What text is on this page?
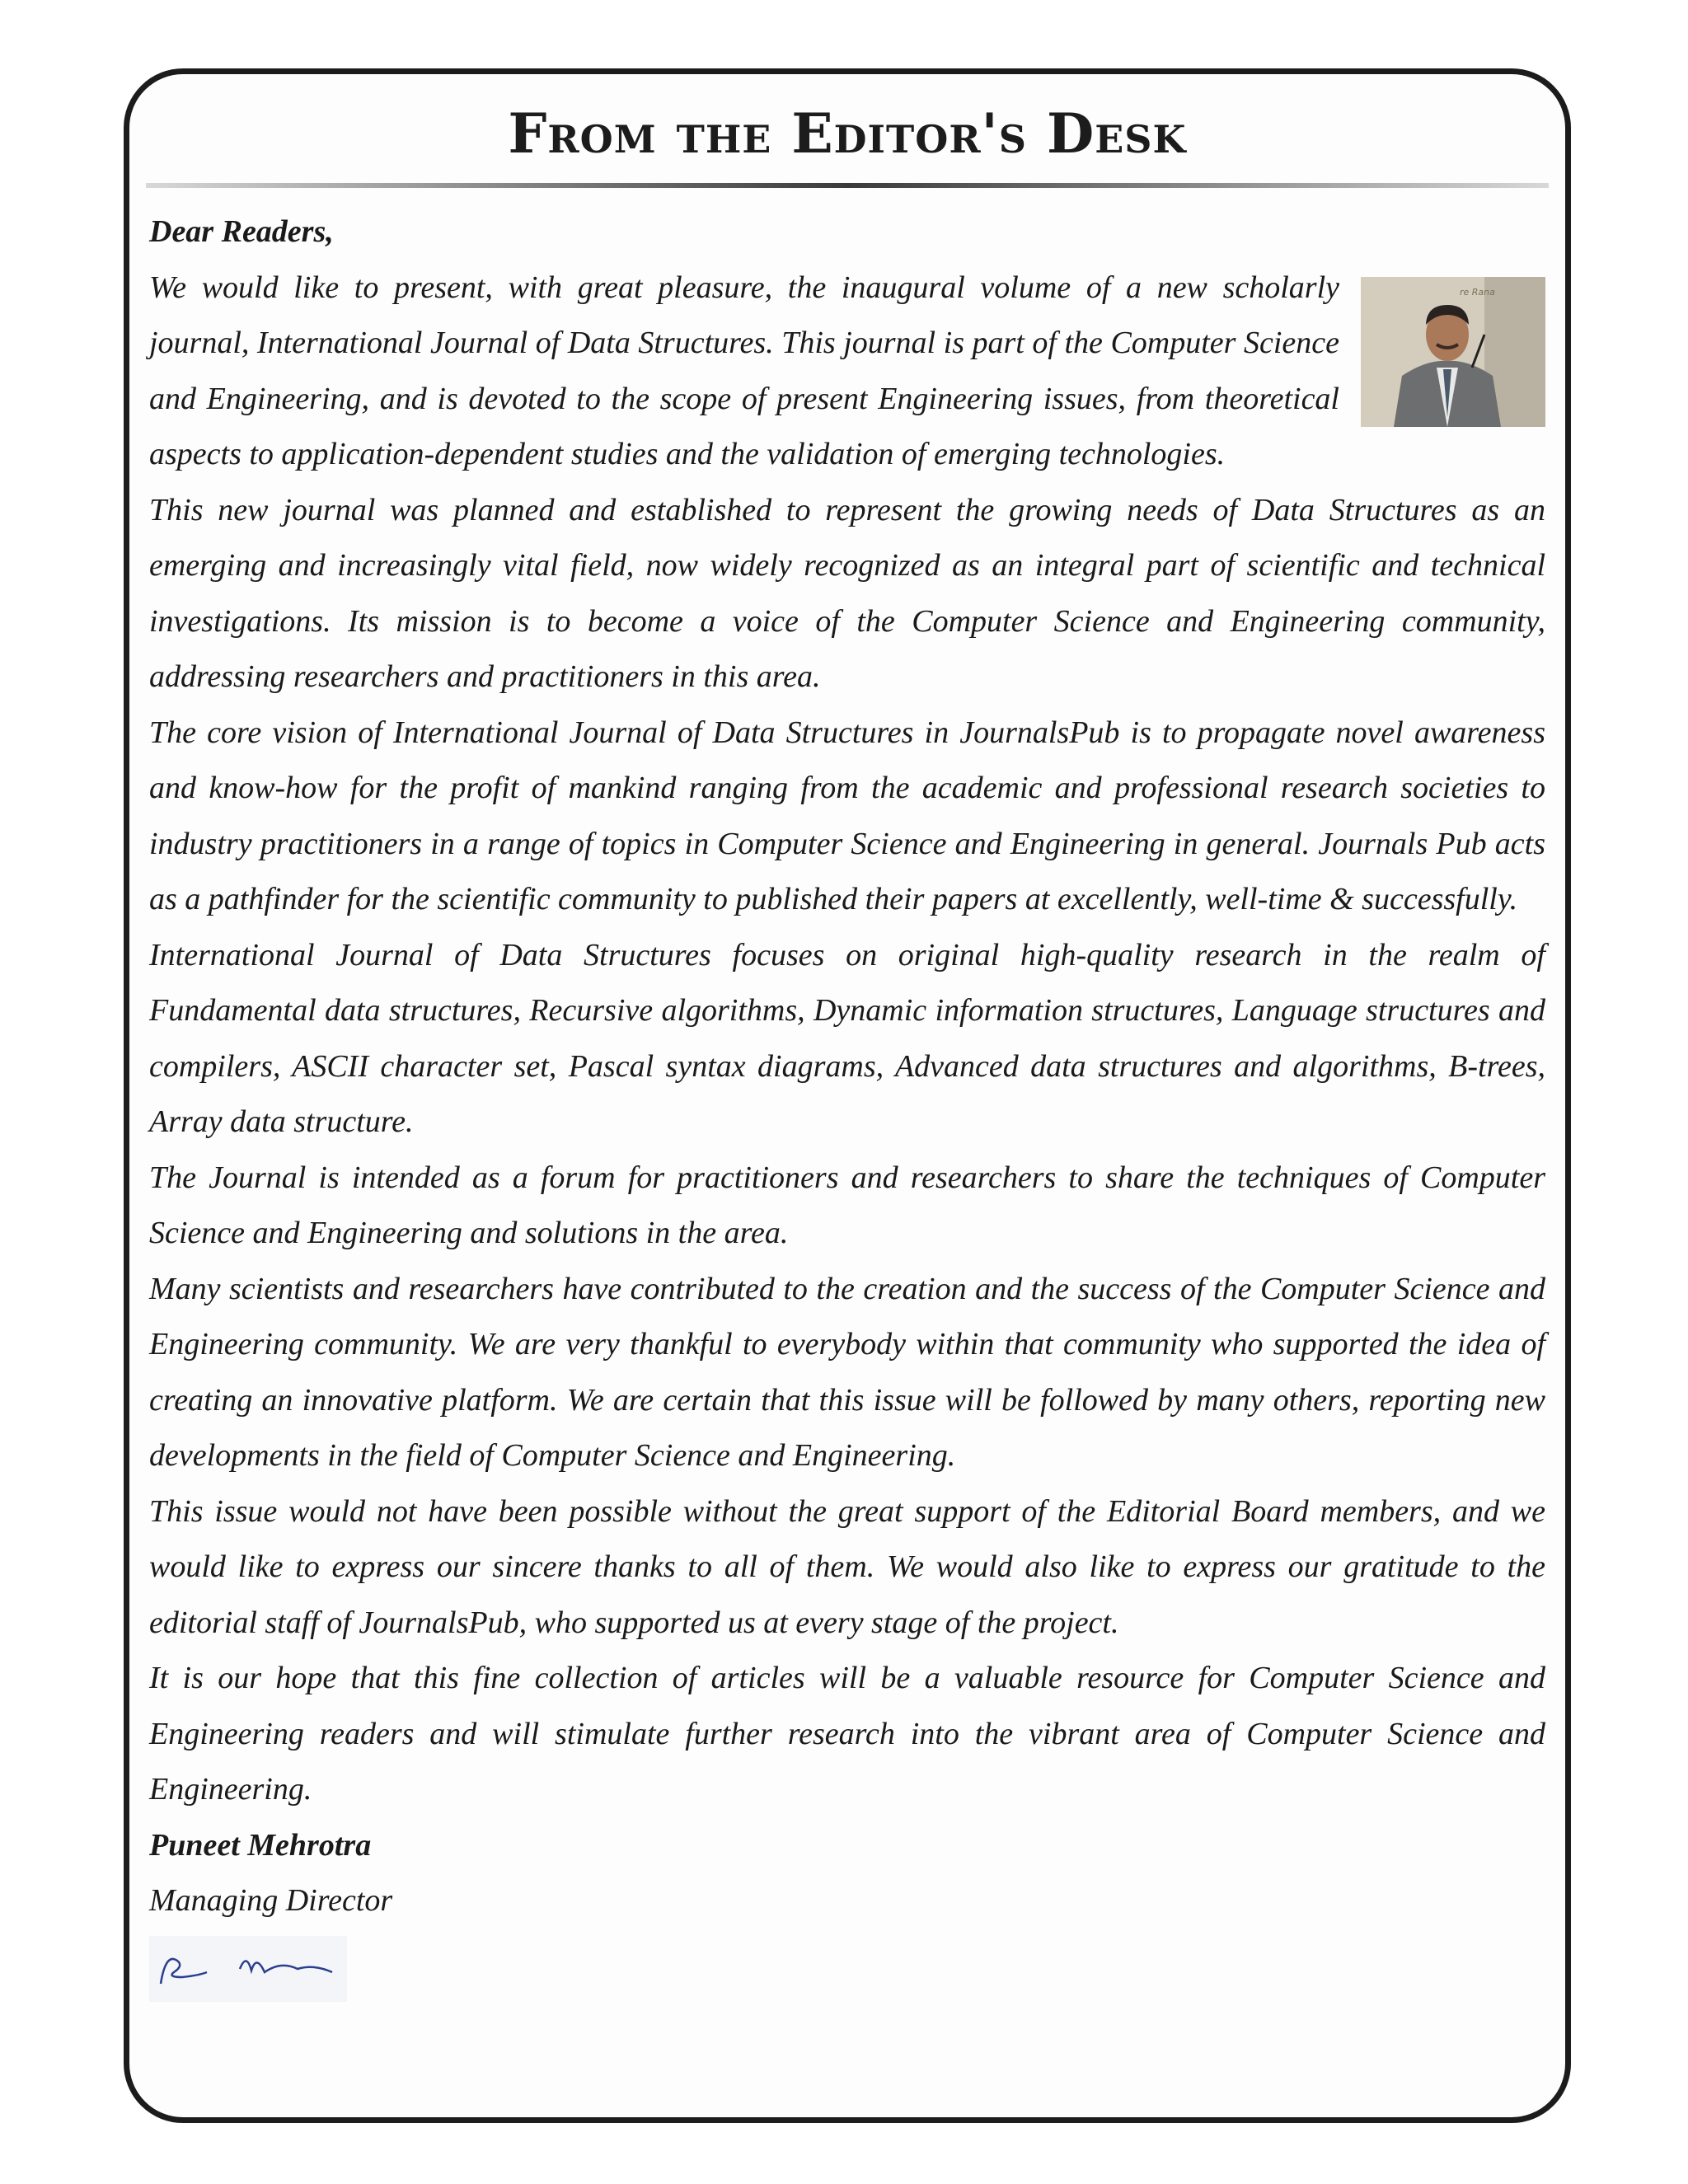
From the Editor's Desk

Dear Readers,

re Rana

We would like to present, with great pleasure, the inaugural volume of a new scholarly journal, International Journal of Data Structures. This journal is part of the Computer Science and Engineering, and is devoted to the scope of present Engineering issues, from theoretical aspects to application-dependent studies and the validation of emerging technologies.

This new journal was planned and established to represent the growing needs of Data Structures as an emerging and increasingly vital field, now widely recognized as an integral part of scientific and technical investigations. Its mission is to become a voice of the Computer Science and Engineering community, addressing researchers and practitioners in this area.

The core vision of International Journal of Data Structures in JournalsPub is to propagate novel awareness and know-how for the profit of mankind ranging from the academic and professional research societies to industry practitioners in a range of topics in Computer Science and Engineering in general. Journals Pub acts as a pathfinder for the scientific community to published their papers at excellently, well-time & successfully.

International Journal of Data Structures focuses on original high-quality research in the realm of Fundamental data structures, Recursive algorithms, Dynamic information structures, Language structures and compilers, ASCII character set, Pascal syntax diagrams, Advanced data structures and algorithms, B-trees, Array data structure.

The Journal is intended as a forum for practitioners and researchers to share the techniques of Computer Science and Engineering and solutions in the area.

Many scientists and researchers have contributed to the creation and the success of the Computer Science and Engineering community. We are very thankful to everybody within that community who supported the idea of creating an innovative platform. We are certain that this issue will be followed by many others, reporting new developments in the field of Computer Science and Engineering.

This issue would not have been possible without the great support of the Editorial Board members, and we would like to express our sincere thanks to all of them. We would also like to express our gratitude to the editorial staff of JournalsPub, who supported us at every stage of the project.

It is our hope that this fine collection of articles will be a valuable resource for Computer Science and Engineering readers and will stimulate further research into the vibrant area of Computer Science and Engineering.

Puneet Mehrotra

Managing Director
